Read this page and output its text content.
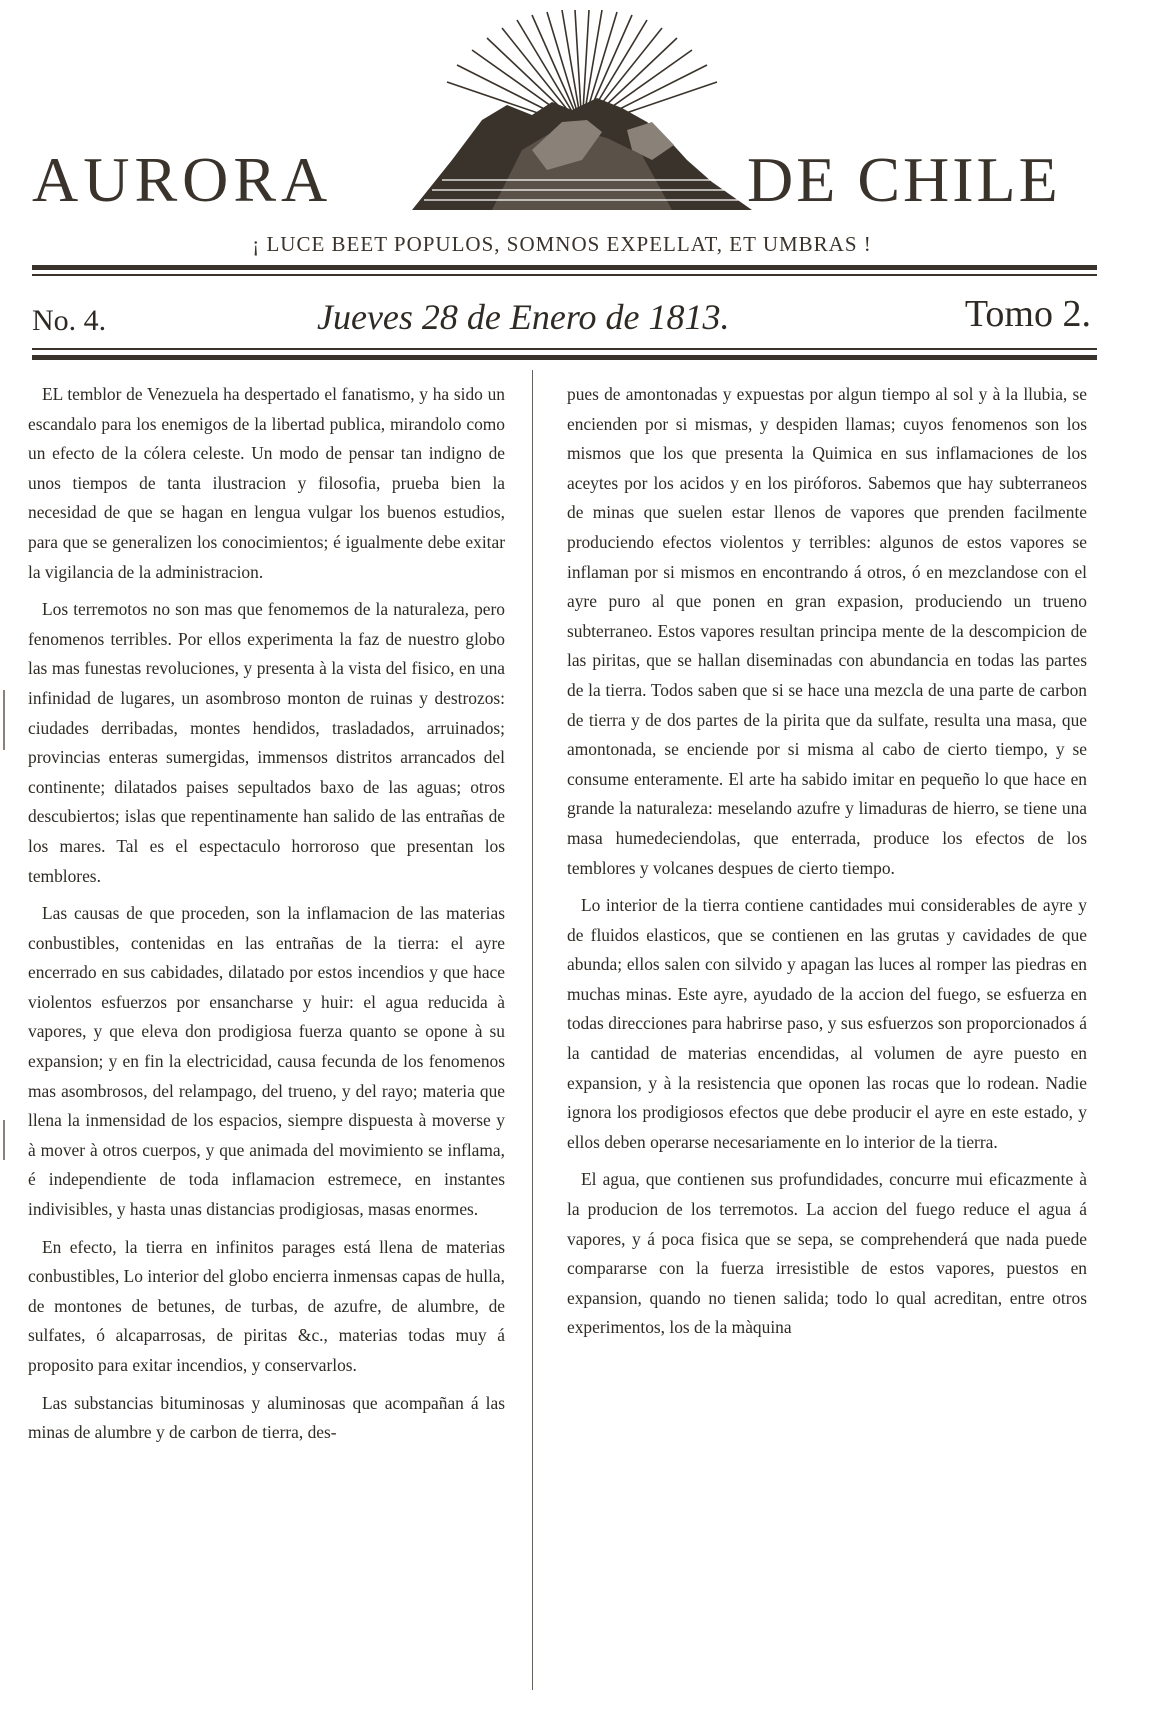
AURORA	DE CHILE
¡ LUCE BEET POPULOS, SOMNOS EXPELLAT, ET UMBRAS !
No. 4.	Jueves 28 de Enero de 1813.	Tomo 2.

EL temblor de Venezuela ha despertado el fanatismo, y ha sido un escandalo para los enemigos de la libertad publica, mirandolo como un efecto de la cólera celeste. Un modo de pensar tan indigno de unos tiempos de tanta ilustracion y filosofia, prueba bien la necesidad de que se hagan en lengua vulgar los buenos estudios, para que se generalizen los conocimientos; é igualmente debe exitar la vigilancia de la administracion.

Los terremotos no son mas que fenomemos de la naturaleza, pero fenomenos terribles. Por ellos experimenta la faz de nuestro globo las mas funestas revoluciones, y presenta à la vista del fisico, en una infinidad de lugares, un asombroso monton de ruinas y destrozos: ciudades derribadas, montes hendidos, trasladados, arruinados; provincias enteras sumergidas, immensos distritos arrancados del continente; dilatados paises sepultados baxo de las aguas; otros descubiertos; islas que repentinamente han salido de las entrañas de los mares. Tal es el espectaculo horroroso que presentan los temblores.

Las causas de que proceden, son la inflamacion de las materias conbustibles, contenidas en las entrañas de la tierra: el ayre encerrado en sus cabidades, dilatado por estos incendios y que hace violentos esfuerzos por ensancharse y huir: el agua reducida à vapores, y que eleva don prodigiosa fuerza quanto se opone à su expansion; y en fin la electricidad, causa fecunda de los fenomenos mas asombrosos, del relampago, del trueno, y del rayo; materia que llena la inmensidad de los espacios, siempre dispuesta à moverse y à mover à otros cuerpos, y que animada del movimiento se inflama, é independiente de toda inflamacion estremece, en instantes indivisibles, y hasta unas distancias prodigiosas, masas enormes.

En efecto, la tierra en infinitos parages está llena de materias conbustibles, Lo interior del globo encierra inmensas capas de hulla, de montones de betunes, de turbas, de azufre, de alumbre, de sulfates, ó alcaparrosas, de piritas &c., materias todas muy á proposito para exitar incendios, y conservarlos.

Las substancias bituminosas y aluminosas que acompañan á las minas de alumbre y de carbon de tierra, des-

pues de amontonadas y expuestas por algun tiempo al sol y à la llubia, se encienden por si mismas, y despiden llamas; cuyos fenomenos son los mismos que los que presenta la Quimica en sus inflamaciones de los aceytes por los acidos y en los piróforos. Sabemos que hay subterraneos de minas que suelen estar llenos de vapores que prenden facilmente produciendo efectos violentos y terribles: algunos de estos vapores se inflaman por si mismos en encontrando á otros, ó en mezclandose con el ayre puro al que ponen en gran expasion, produciendo un trueno subterraneo. Estos vapores resultan principa mente de la descompicion de las piritas, que se hallan diseminadas con abundancia en todas las partes de la tierra. Todos saben que si se hace una mezcla de una parte de carbon de tierra y de dos partes de la pirita que da sulfate, resulta una masa, que amontonada, se enciende por si misma al cabo de cierto tiempo, y se consume enteramente. El arte ha sabido imitar en pequeño lo que hace en grande la naturaleza: meselando azufre y limaduras de hierro, se tiene una masa humedeciendolas, que enterrada, produce los efectos de los temblores y volcanes despues de cierto tiempo.

Lo interior de la tierra contiene cantidades mui considerables de ayre y de fluidos elasticos, que se contienen en las grutas y cavidades de que abunda; ellos salen con silvido y apagan las luces al romper las piedras en muchas minas. Este ayre, ayudado de la accion del fuego, se esfuerza en todas direcciones para habrirse paso, y sus esfuerzos son proporcionados á la cantidad de materias encendidas, al volumen de ayre puesto en expansion, y à la resistencia que oponen las rocas que lo rodean. Nadie ignora los prodigiosos efectos que debe producir el ayre en este estado, y ellos deben operarse necesariamente en lo interior de la tierra.

El agua, que contienen sus profundidades, concurre mui eficazmente à la producion de los terremotos. La accion del fuego reduce el agua á vapores, y á poca fisica que se sepa, se comprehenderá que nada puede compararse con la fuerza irresistible de estos vapores, puestos en expansion, quando no tienen salida; todo lo qual acreditan, entre otros experimentos, los de la màquina
